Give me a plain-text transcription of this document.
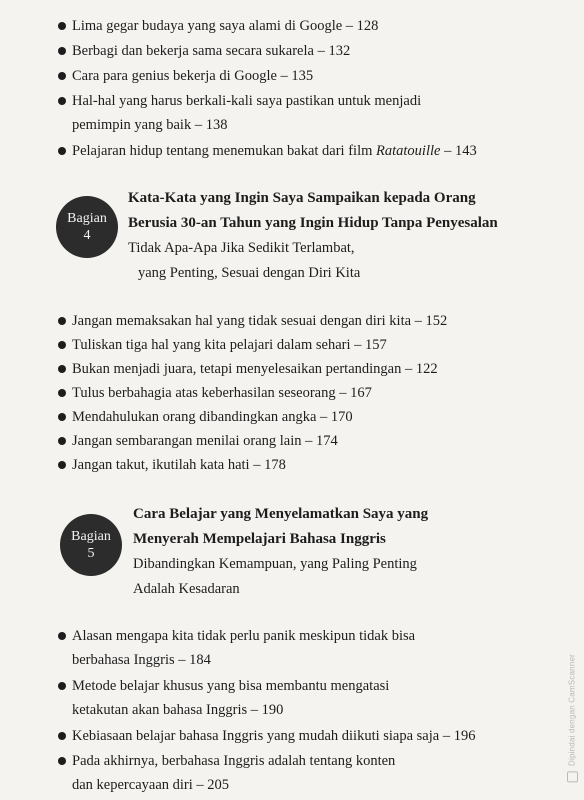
Lima gegar budaya yang saya alami di Google – 128
Berbagi dan bekerja sama secara sukarela – 132
Cara para genius bekerja di Google – 135
Hal-hal yang harus berkali-kali saya pastikan untuk menjadi
pemimpin yang baik – 138
Pelajaran hidup tentang menemukan bakat dari film Ratatouille – 143
Bagian
4
Kata-Kata yang Ingin Saya Sampaikan kepada Orang
Berusia 30-an Tahun yang Ingin Hidup Tanpa Penyesalan
Tidak Apa-Apa Jika Sedikit Terlambat,
yang Penting, Sesuai dengan Diri Kita
Jangan memaksakan hal yang tidak sesuai dengan diri kita – 152
Tuliskan tiga hal yang kita pelajari dalam sehari – 157
Bukan menjadi juara, tetapi menyelesaikan pertandingan – 122
Tulus berbahagia atas keberhasilan seseorang – 167
Mendahulukan orang dibandingkan angka – 170
Jangan sembarangan menilai orang lain – 174
Jangan takut, ikutilah kata hati – 178
Bagian
5
Cara Belajar yang Menyelamatkan Saya yang
Menyerah Mempelajari Bahasa Inggris
Dibandingkan Kemampuan, yang Paling Penting
Adalah Kesadaran
Alasan mengapa kita tidak perlu panik meskipun tidak bisa
berbahasa Inggris – 184
Metode belajar khusus yang bisa membantu mengatasi
ketakutan akan bahasa Inggris – 190
Kebiasaan belajar bahasa Inggris yang mudah diikuti siapa saja – 196
Pada akhirnya, berbahasa Inggris adalah tentang konten
dan kepercayaan diri – 205
Dipindai dengan CamScanner
